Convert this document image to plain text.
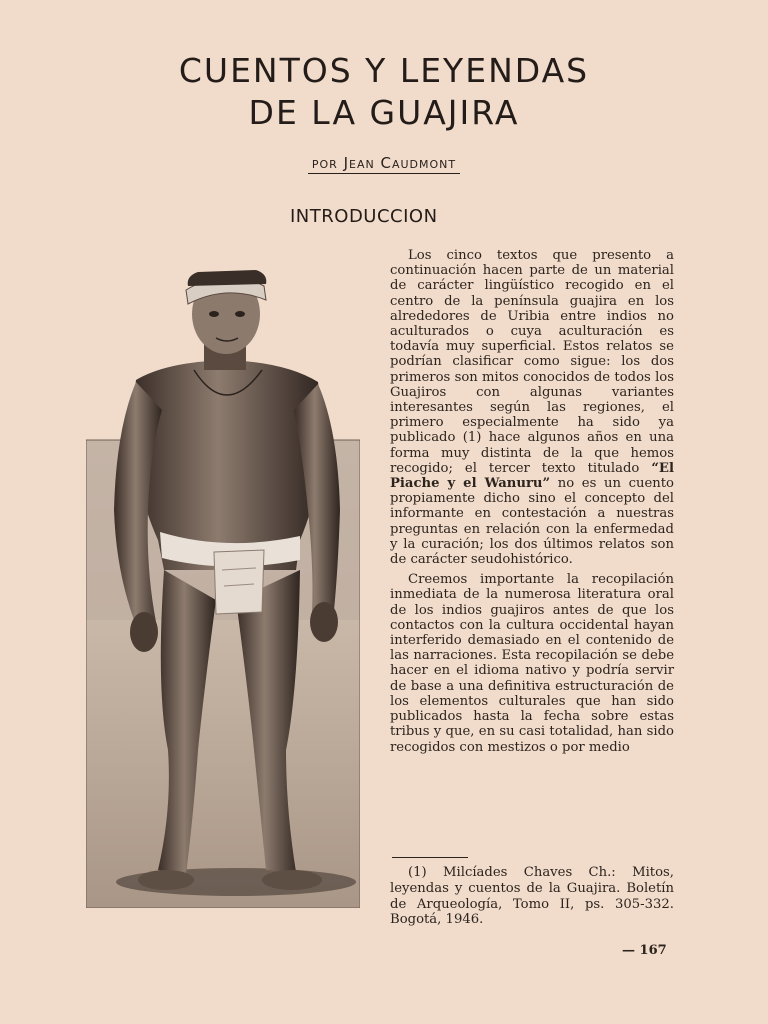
CUENTOS Y LEYENDAS
DE LA GUAJIRA
por Jean Caudmont
INTRODUCCION

Los cinco textos que presento a continuación hacen parte de un material de carácter lingüístico recogido en el centro de la península guajira en los alrededores de Uribia entre indios no aculturados o cuya aculturación es todavía muy superficial. Estos relatos se podrían clasificar como sigue: los dos primeros son mitos conocidos de todos los Guajiros con algunas variantes interesantes según las regiones, el primero especialmente ha sido ya publicado (1) hace algunos años en una forma muy distinta de la que hemos recogido; el tercer texto titulado “El Piache y el Wanuru” no es un cuento propiamente dicho sino el concepto del informante en contestación a nuestras preguntas en relación con la enfermedad y la curación; los dos últimos relatos son de carácter seudohistórico.

Creemos importante la recopilación inmediata de la numerosa literatura oral de los indios guajiros antes de que los contactos con la cultura occidental hayan interferido demasiado en el contenido de las narraciones. Esta recopilación se debe hacer en el idioma nativo y podría servir de base a una definitiva estructuración de los elementos culturales que han sido publicados hasta la fecha sobre estas tribus y que, en su casi totalidad, han sido recogidos con mestizos o por medio

(1) Milcíades Chaves Ch.: Mitos, leyendas y cuentos de la Guajira. Boletín de Arqueología, Tomo II, ps. 305-332. Bogotá, 1946.
— 167
